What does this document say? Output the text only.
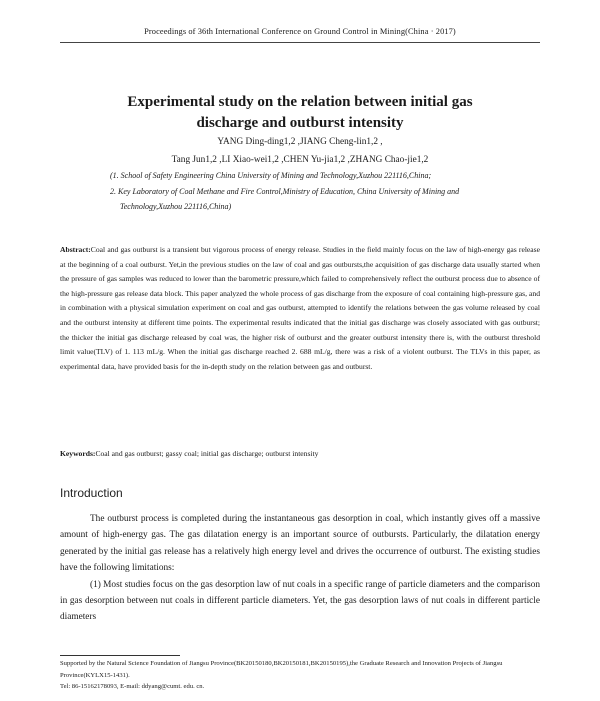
Proceedings of 36th International Conference on Ground Control in Mining(China · 2017)
Experimental study on the relation between initial gas
discharge and outburst intensity
YANG Ding-ding1,2 ,JIANG Cheng-lin1,2 ,
Tang Jun1,2 ,LI Xiao-wei1,2 ,CHEN Yu-jia1,2 ,ZHANG Chao-jie1,2
(1. School of Safety Engineering China University of Mining and Technology,Xuzhou 221116,China;
2. Key Laboratory of Coal Methane and Fire Control,Ministry of Education, China University of Mining and Technology,Xuzhou 221116,China)
Abstract:Coal and gas outburst is a transient but vigorous process of energy release. Studies in the field mainly focus on the law of high-energy gas release at the beginning of a coal outburst. Yet,in the previous studies on the law of coal and gas outbursts,the acquisition of gas discharge data usually started when the pressure of gas samples was reduced to lower than the barometric pressure,which failed to comprehensively reflect the outburst process due to absence of the high-pressure gas release data block. This paper analyzed the whole process of gas discharge from the exposure of coal containing high-pressure gas, and in combination with a physical simulation experiment on coal and gas outburst, attempted to identify the relations between the gas volume released by coal and the outburst intensity at different time points. The experimental results indicated that the initial gas discharge was closely associated with gas outburst; the thicker the initial gas discharge released by coal was, the higher risk of outburst and the greater outburst intensity there is, with the outburst threshold limit value(TLV) of 1. 113 mL/g. When the initial gas discharge reached 2. 688 mL/g, there was a risk of a violent outburst. The TLVs in this paper, as experimental data, have provided basis for the in-depth study on the relation between gas and outburst.
Keywords:Coal and gas outburst; gassy coal; initial gas discharge; outburst intensity
Introduction

The outburst process is completed during the instantaneous gas desorption in coal, which instantly gives off a massive amount of high-energy gas. The gas dilatation energy is an important source of outbursts. Particularly, the dilatation energy generated by the initial gas release has a relatively high energy level and drives the occurrence of outburst. The existing studies have the following limitations:

(1) Most studies focus on the gas desorption law of nut coals in a specific range of particle diameters and the comparison in gas desorption between nut coals in different particle diameters. Yet, the gas desorption laws of nut coals in different particle diameters

Supported by the Natural Science Foundation of Jiangsu Province(BK20150180,BK20150181,BK20150195),the Graduate Research and Innovation Projects of Jiangsu Province(KYLX15-1431).
Tel: 86-15162178093, E-mail: ddyang@cumt. edu. cn.
